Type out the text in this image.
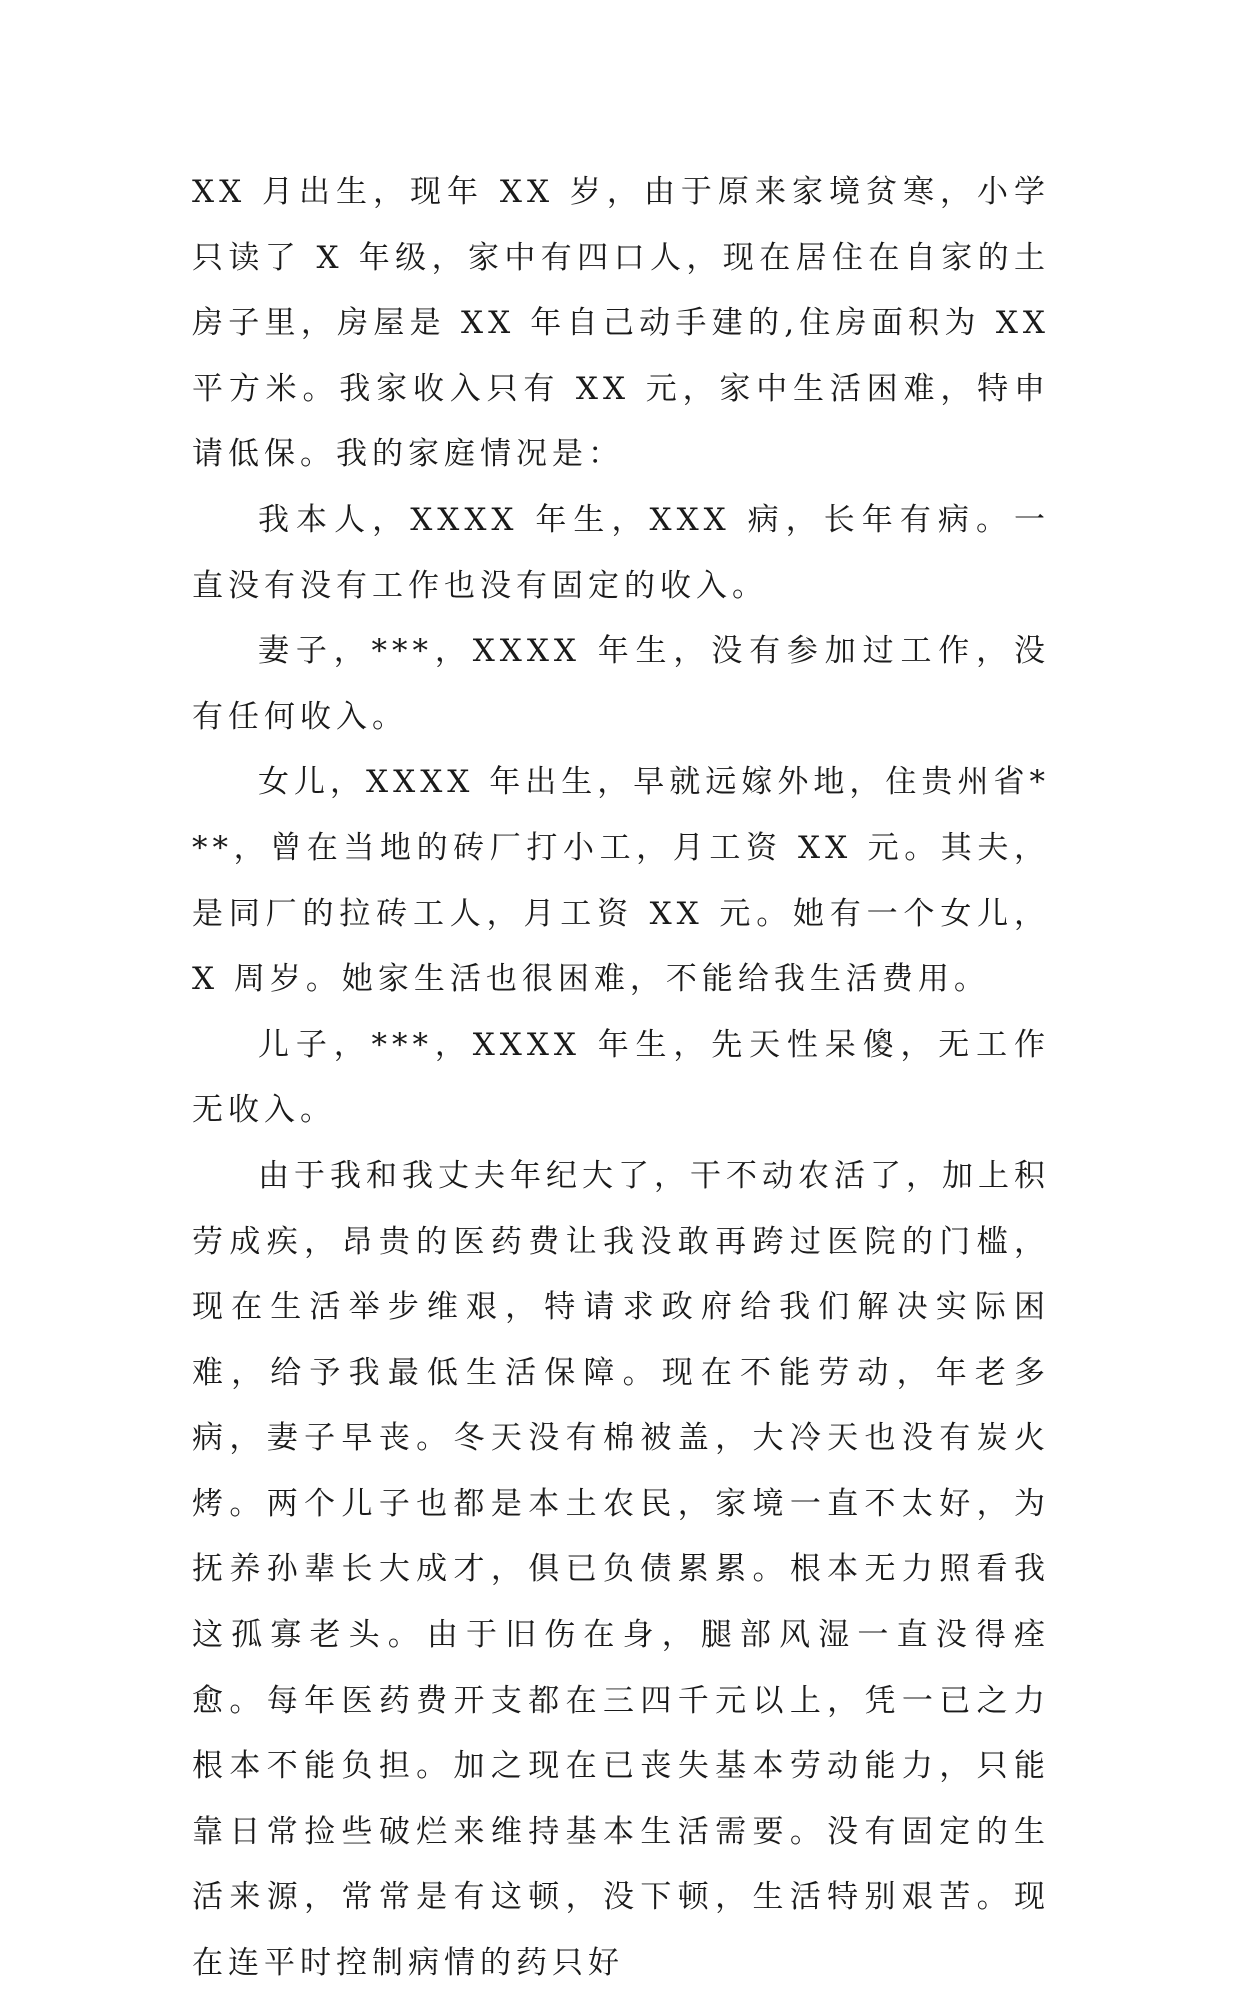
XX 月出生，现年 XX 岁，由于原来家境贫寒，小学只读了 X 年级，家中有四口人，现在居住在自家的土房子里，房屋是 XX 年自己动手建的,住房面积为 XX 平方米。我家收入只有 XX 元，家中生活困难，特申请低保。我的家庭情况是：

我本人，XXXX 年生，XXX 病，长年有病。一直没有没有工作也没有固定的收入。

妻子，***，XXXX 年生，没有参加过工作，没有任何收入。

女儿，XXXX 年出生，早就远嫁外地，住贵州省***，曾在当地的砖厂打小工，月工资 XX 元。其夫，是同厂的拉砖工人，月工资 XX 元。她有一个女儿，X 周岁。她家生活也很困难，不能给我生活费用。

儿子，***，XXXX 年生，先天性呆傻，无工作无收入。

由于我和我丈夫年纪大了，干不动农活了，加上积劳成疾，昂贵的医药费让我没敢再跨过医院的门槛，现在生活举步维艰，特请求政府给我们解决实际困难，给予我最低生活保障。现在不能劳动，年老多病，妻子早丧。冬天没有棉被盖，大冷天也没有炭火烤。两个儿子也都是本土农民，家境一直不太好，为抚养孙辈长大成才，俱已负债累累。根本无力照看我这孤寡老头。由于旧伤在身，腿部风湿一直没得痊愈。每年医药费开支都在三四千元以上，凭一已之力根本不能负担。加之现在已丧失基本劳动能力，只能靠日常捡些破烂来维持基本生活需要。没有固定的生活来源，常常是有这顿，没下顿，生活特别艰苦。现在连平时控制病情的药只好
